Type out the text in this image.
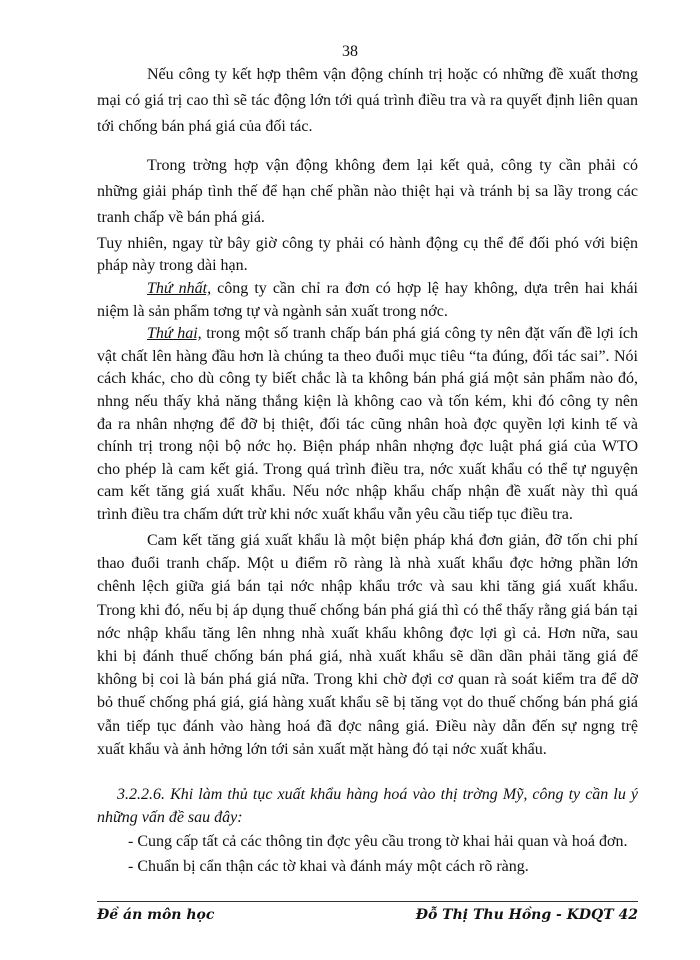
38
Nếu công ty kết hợp thêm vận động chính trị hoặc có những đề xuất thơng
mại có giá trị cao thì sẽ tác động lớn tới quá trình điều tra và ra quyết định liên quan
tới chống bán phá giá của đối tác.
Trong trờng hợp vận động không đem lại kết quả, công ty cần phải có
những giải pháp tình thế để hạn chế phần nào thiệt hại và tránh bị sa lầy trong các
tranh chấp về bán phá giá.
Tuy nhiên, ngay từ bây giờ công ty phải có hành động cụ thể để đối phó với biện
pháp này trong dài hạn.
Thứ nhất, công ty cần chỉ ra đơn có hợp lệ hay không, dựa trên hai khái
niệm là sản phẩm tơng tự và ngành sản xuất trong nớc.
Thứ hai, trong một số tranh chấp bán phá giá công ty nên đặt vấn đề lợi ích
vật chất lên hàng đầu hơn là chúng ta theo đuổi mục tiêu “ta đúng, đối tác sai”. Nói
cách khác, cho dù công ty biết chắc là ta không bán phá giá một sản phẩm nào đó,
nhng nếu thấy khả năng thắng kiện là không cao và tốn kém, khi đó công ty nên
đa ra nhân nhợng để đỡ bị thiệt, đối tác cũng nhân hoà đợc quyền lợi kinh tế và
chính trị trong nội bộ nớc họ. Biện pháp nhân nhợng đợc luật phá giá của WTO
cho phép là cam kết giá. Trong quá trình điều tra, nớc xuất khẩu có thể tự nguyện
cam kết tăng giá xuất khẩu. Nếu nớc nhập khẩu chấp nhận đề xuất này thì quá
trình điều tra chấm dứt trừ khi nớc xuất khẩu vẫn yêu cầu tiếp tục điều tra.
Cam kết tăng giá xuất khẩu là một biện pháp khá đơn giản, đỡ tốn chi phí
thao đuổi tranh chấp. Một u điểm rõ ràng là nhà xuất khẩu đợc hởng phần lớn
chênh lệch giữa giá bán tại nớc nhập khẩu trớc và sau khi tăng giá xuất khẩu.
Trong khi đó, nếu bị áp dụng thuế chống bán phá giá thì có thể thấy rằng giá bán tại
nớc nhập khẩu tăng lên nhng nhà xuất khẩu không đợc lợi gì cả. Hơn nữa, sau
khi bị đánh thuế chống bán phá giá, nhà xuất khẩu sẽ dần dần phải tăng giá để
không bị coi là bán phá giá nữa. Trong khi chờ đợi cơ quan rà soát kiểm tra để dỡ
bỏ thuế chống phá giá, giá hàng xuất khẩu sẽ bị tăng vọt do thuế chống bán phá giá
vẫn tiếp tục đánh vào hàng hoá đã đợc nâng giá. Điều này dẫn đến sự ngng trệ
xuất khẩu và ảnh hởng lớn tới sản xuất mặt hàng đó tại nớc xuất khẩu.
3.2.2.6. Khi làm thủ tục xuất khẩu hàng hoá vào thị trờng Mỹ, công ty cần lu ý
những vấn đề sau đây:
- Cung cấp tất cả các thông tin đợc yêu cầu trong tờ khai hải quan và hoá đơn.
- Chuẩn bị cẩn thận các tờ khai và đánh máy một cách rõ ràng.
Đề án môn học	Đỗ Thị Thu Hồng - KDQT 42
